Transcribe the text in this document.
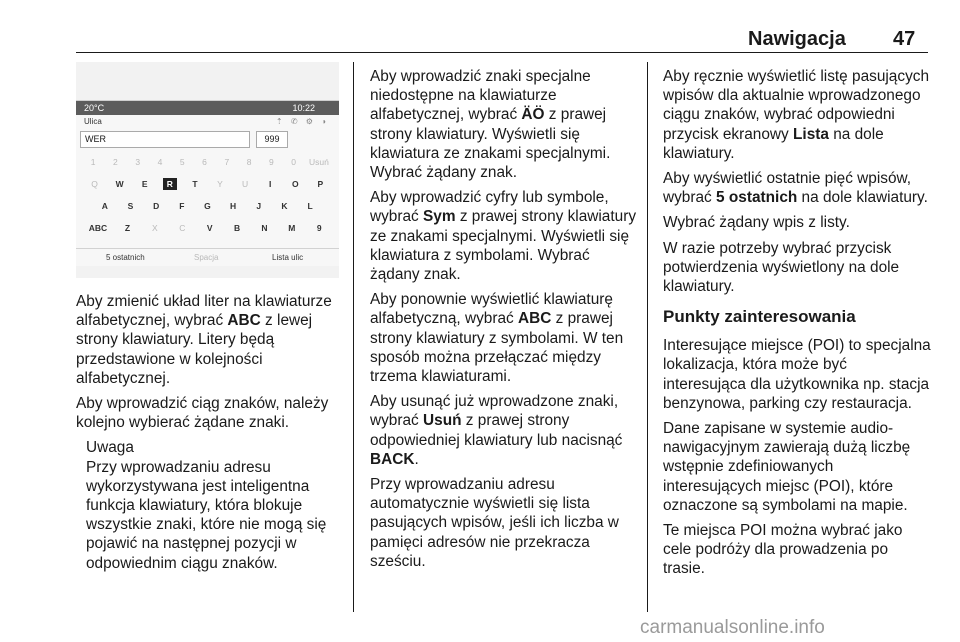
Nawigacja 47
20°C	10:22
Ulica	⇡ ✆ ⚙ ◑
WER	999
1	2	3	4	5	6	7	8	9	0	Usuń
Q	W	E	R	T	Y	U	I	O	P
A	S	D	F	G	H	J	K	L
ABC	Z	X	C	V	B	N	M	9
5 ostatnich	Spacja	Lista ulic

Aby zmienić układ liter na klawiaturze alfabetycznej, wybrać ABC z lewej strony klawiatury. Litery będą przedstawione w kolejności alfabetycznej.

Aby wprowadzić ciąg znaków, należy kolejno wybierać żądane znaki.

Uwaga
Przy wprowadzaniu adresu wykorzystywana jest inteligentna funkcja klawiatury, która blokuje wszystkie znaki, które nie mogą się pojawić na następnej pozycji w odpowiednim ciągu znaków.

Aby wprowadzić znaki specjalne niedostępne na klawiaturze alfabetycznej, wybrać ÄÖ z prawej strony klawiatury. Wyświetli się klawiatura ze znakami specjalnymi. Wybrać żądany znak.

Aby wprowadzić cyfry lub symbole, wybrać Sym z prawej strony klawiatury ze znakami specjalnymi. Wyświetli się klawiatura z symbolami. Wybrać żądany znak.

Aby ponownie wyświetlić klawiaturę alfabetyczną, wybrać ABC z prawej strony klawiatury z symbolami. W ten sposób można przełączać między trzema klawiaturami.

Aby usunąć już wprowadzone znaki, wybrać Usuń z prawej strony odpowiedniej klawiatury lub nacisnąć BACK.

Przy wprowadzaniu adresu automatycznie wyświetli się lista pasujących wpisów, jeśli ich liczba w pamięci adresów nie przekracza sześciu.

Aby ręcznie wyświetlić listę pasujących wpisów dla aktualnie wprowadzonego ciągu znaków, wybrać odpowiedni przycisk ekranowy Lista na dole klawiatury.

Aby wyświetlić ostatnie pięć wpisów, wybrać 5 ostatnich na dole klawiatury.

Wybrać żądany wpis z listy.

W razie potrzeby wybrać przycisk potwierdzenia wyświetlony na dole klawiatury.

Punkty zainteresowania

Interesujące miejsce (POI) to specjalna lokalizacja, która może być interesująca dla użytkownika np. stacja benzynowa, parking czy restauracja.

Dane zapisane w systemie audio-nawigacyjnym zawierają dużą liczbę wstępnie zdefiniowanych interesujących miejsc (POI), które oznaczone są symbolami na mapie.

Te miejsca POI można wybrać jako cele podróży dla prowadzenia po trasie.

carmanualsonline.info
